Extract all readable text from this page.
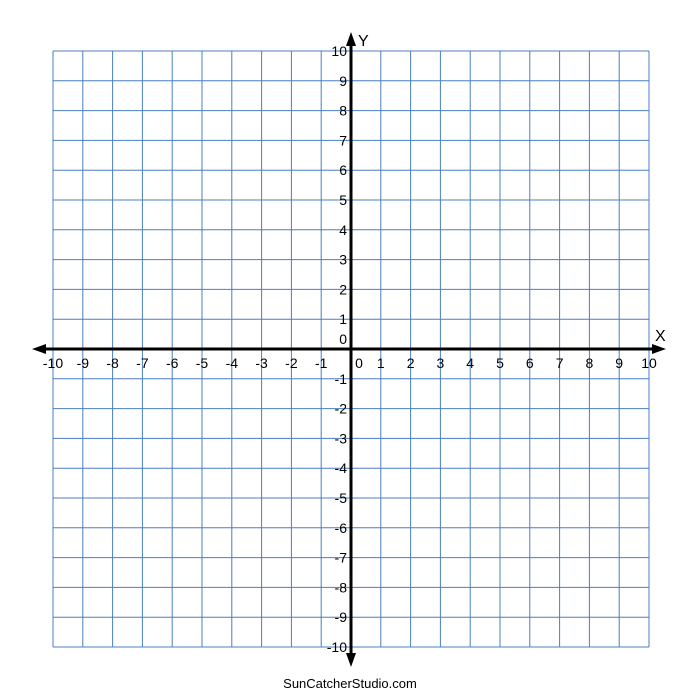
-10 -9 -8 -7 -6 -5 -4 -3 -2 -1 0 1 2 3 4 5 6 7 8 9 10
1
2
3
4
5
6
7
8
9
10
-1
-2
-3
-4
-5
-6
-7
-8
-9
-10
X
Y
0
SunCatcherStudio.com
